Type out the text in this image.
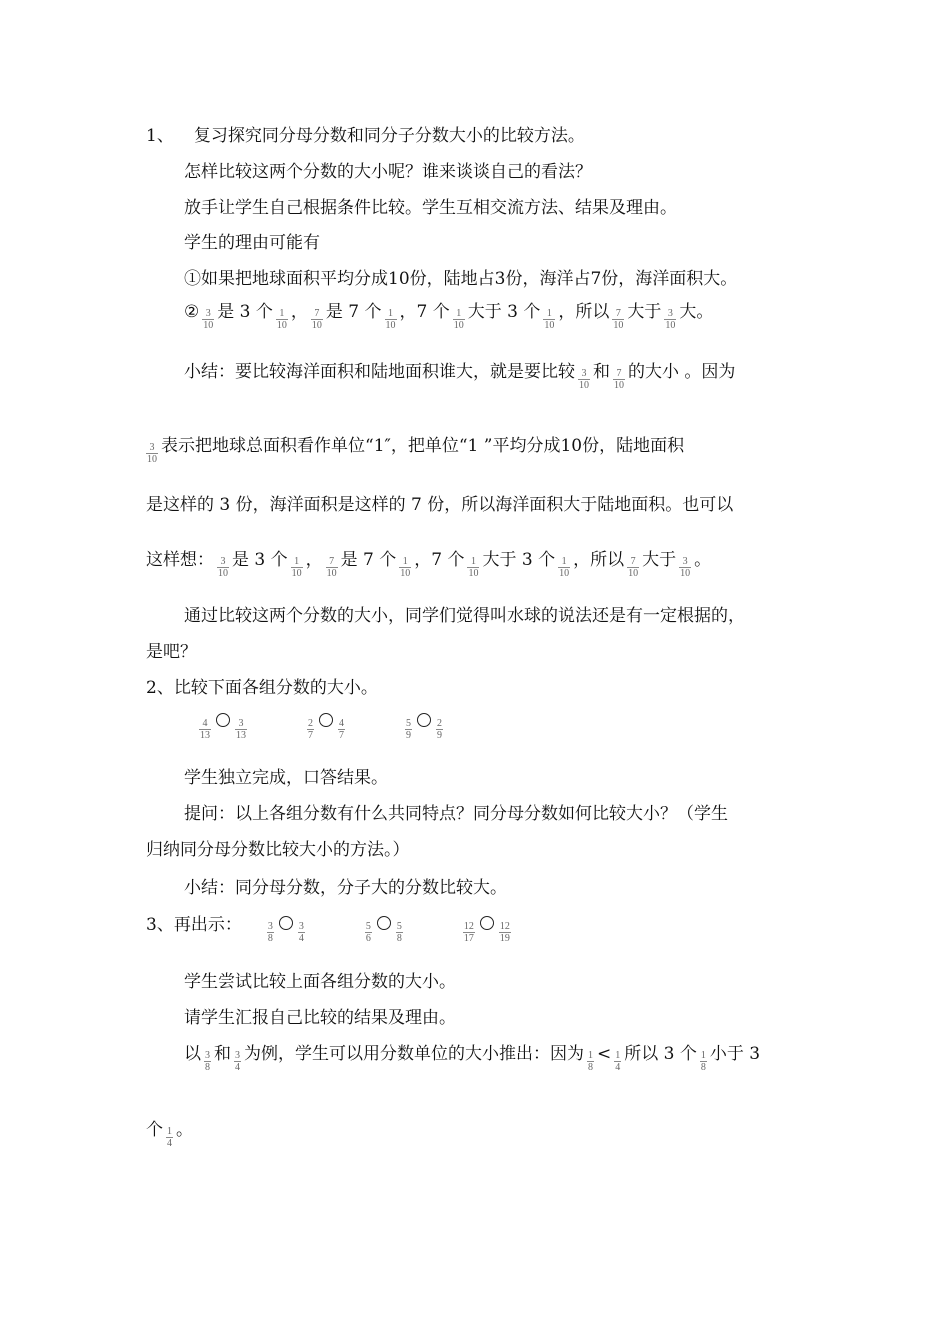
1、 复习探究同分母分数和同分子分数大小的比较方法。
怎样比较这两个分数的大小呢？谁来谈谈自己的看法？
放手让学生自己根据条件比较。学生互相交流方法、结果及理由。
学生的理由可能有
①如果把地球面积平均分成10份，陆地占3份，海洋占7份，海洋面积大。
② $\frac{3}{10}$ 是 3 个 $\frac{1}{10}$ ， $\frac{7}{10}$ 是 7 个 $\frac{1}{10}$ ，7 个 $\frac{1}{10}$ 大于 3 个 $\frac{1}{10}$ ，所以 $\frac{7}{10}$ 大于 $\frac{3}{10}$ 大。
小结：要比较海洋面积和陆地面积谁大，就是要比较 $\frac{3}{10}$ 和 $\frac{7}{10}$ 的大小 。因为
$\frac{3}{10}$ 表示把地球总面积看作单位“1″，把单位“1 ”平均分成10份，陆地面积
是这样的 3 份，海洋面积是这样的 7 份，所以海洋面积大于陆地面积。也可以
这样想： $\frac{3}{10}$ 是 3 个 $\frac{1}{10}$ ， $\frac{7}{10}$ 是 7 个 $\frac{1}{10}$ ，7 个 $\frac{1}{10}$ 大于 3 个 $\frac{1}{10}$ ，所以 $\frac{7}{10}$ 大于 $\frac{3}{10}$ 。
通过比较这两个分数的大小，同学们觉得叫水球的说法还是有一定根据的，
是吧？
2、比较下面各组分数的大小。
$\frac{4}{13} \frac{3}{13}$	$\frac{2}{7} \frac{4}{7}$	$\frac{5}{9} \frac{2}{9}$
学生独立完成，口答结果。
提问：以上各组分数有什么共同特点？同分母分数如何比较大小？（学生
归纳同分母分数比较大小的方法。）
小结：同分母分数，分子大的分数比较大。
3、再出示：	$\frac{3}{8} \frac{3}{4}$	$\frac{5}{6} \frac{5}{8}$	$\frac{12}{17} \frac{12}{19}$
学生尝试比较上面各组分数的大小。
请学生汇报自己比较的结果及理由。
以 $\frac{3}{8}$ 和 $\frac{3}{4}$ 为例，学生可以用分数单位的大小推出：因为 $\frac{1}{8} < \frac{1}{4}$ 所以 3 个 $\frac{1}{8}$ 小于 3
个 $\frac{1}{4}$ 。
